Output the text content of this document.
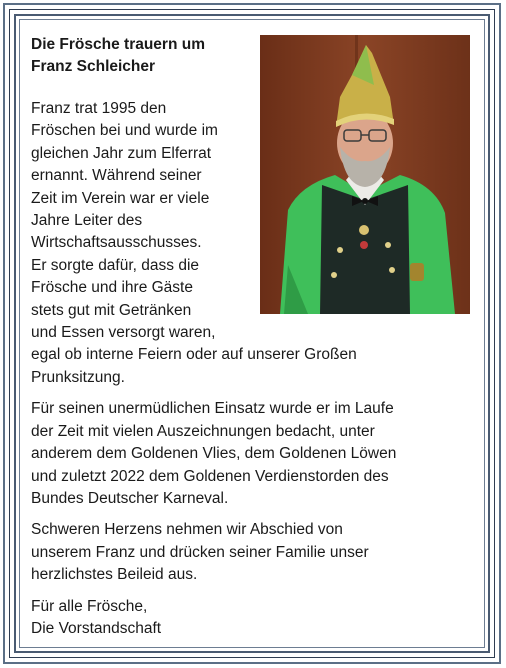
Die Frösche trauern um
Franz Schleicher
Franz trat 1995 den
Fröschen bei und wurde im
gleichen Jahr zum Elferrat
ernannt. Während seiner
Zeit im Verein war er viele
Jahre Leiter des
Wirtschaftsausschusses.
Er sorgte dafür, dass die
Frösche und ihre Gäste
stets gut mit Getränken
und Essen versorgt waren,
egal ob interne Feiern oder auf unserer Großen
Prunksitzung.
Für seinen unermüdlichen Einsatz wurde er im Laufe
der Zeit mit vielen Auszeichnungen bedacht, unter
anderem dem Goldenen Vlies, dem Goldenen Löwen
und zuletzt 2022 dem Goldenen Verdienstorden des
Bundes Deutscher Karneval.
Schweren Herzens nehmen wir Abschied von
unserem Franz und drücken seiner Familie unser
herzlichstes Beileid aus.
Für alle Frösche,
Die Vorstandschaft
